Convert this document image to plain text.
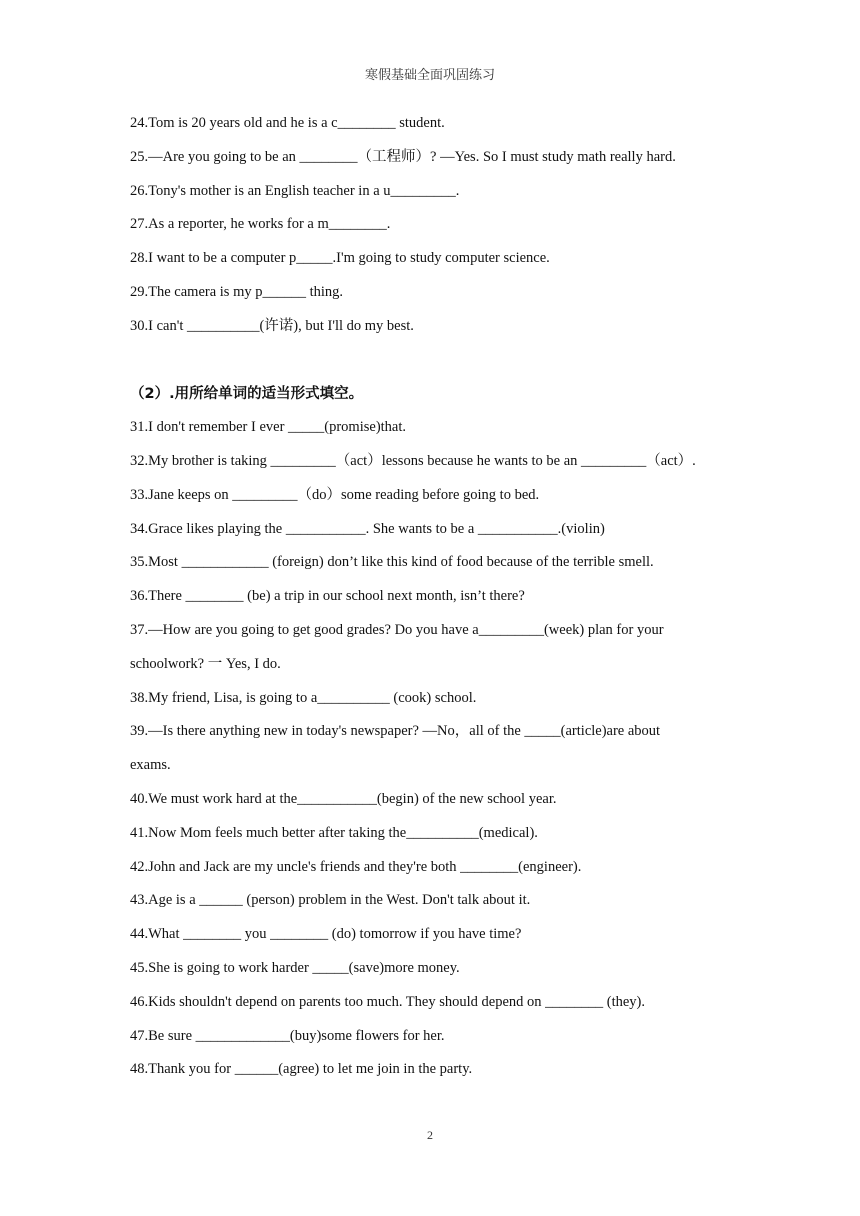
寒假基础全面巩固练习
24.Tom is 20 years old and he is a c________ student.
25.—Are you going to be an ________（工程师）? —Yes. So I must study math really hard.
26.Tony's mother is an English teacher in a u_________.
27.As a reporter, he works for a m________.
28.I want to be a computer p_____.I'm going to study computer science.
29.The camera is my p______ thing.
30.I can't __________(许诺), but I'll do my best.
（2）.用所给单词的适当形式填空。
31.I don't remember I ever _____(promise)that.
32.My brother is taking _________（act）lessons because he wants to be an _________（act）.
33.Jane keeps on _________（do）some reading before going to bed.
34.Grace likes playing the ___________. She wants to be a ___________.(violin)
35.Most ____________ (foreign) don’t like this kind of food because of the terrible smell.
36.There ________ (be) a trip in our school next month, isn’t there?
37.—How are you going to get good grades? Do you have a_________(week) plan for your
schoolwork? 一 Yes, I do.
38.My friend, Lisa, is going to a__________ (cook) school.
39.—Is there anything new in today's newspaper? —No，all of the _____(article)are about
exams.
40.We must work hard at the___________(begin) of the new school year.
41.Now Mom feels much better after taking the__________(medical).
42.John and Jack are my uncle's friends and they're both ________(engineer).
43.Age is a ______ (person) problem in the West. Don't talk about it.
44.What ________ you ________ (do) tomorrow if you have time?
45.She is going to work harder _____(save)more money.
46.Kids shouldn't depend on parents too much. They should depend on ________ (they).
47.Be sure _____________(buy)some flowers for her.
48.Thank you for ______(agree) to let me join in the party.
2
